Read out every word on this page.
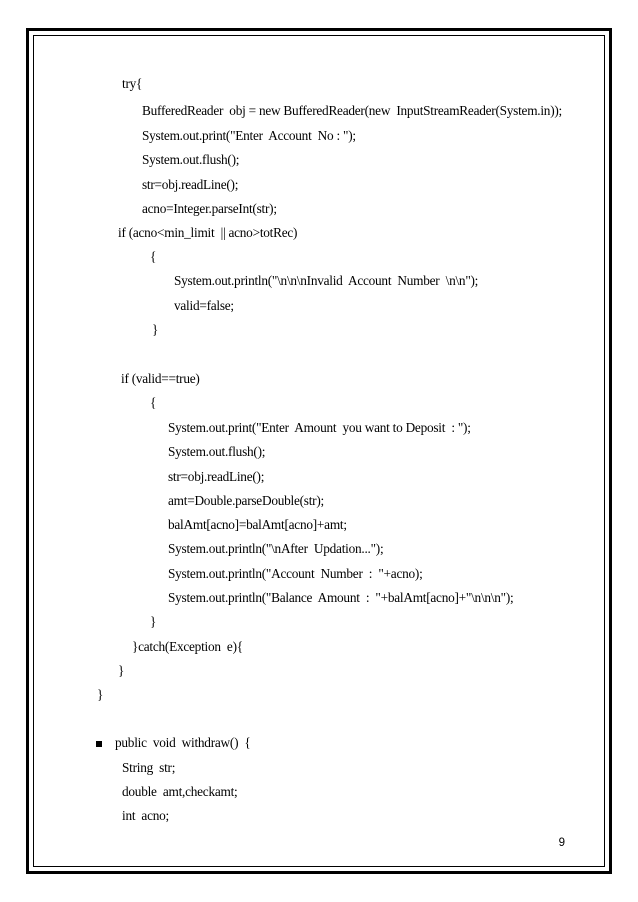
try{
BufferedReader  obj = new BufferedReader(new  InputStreamReader(System.in));
System.out.print("Enter  Account  No : ");
System.out.flush();
str=obj.readLine();
acno=Integer.parseInt(str);
if (acno<min_limit  || acno>totRec)
{
System.out.println("\n\n\nInvalid  Account  Number  \n\n");
valid=false;
}
if (valid==true)
{
System.out.print("Enter  Amount  you want to Deposit  : ");
System.out.flush();
str=obj.readLine();
amt=Double.parseDouble(str);
balAmt[acno]=balAmt[acno]+amt;
System.out.println("\nAfter  Updation...");
System.out.println("Account  Number  :  "+acno);
System.out.println("Balance  Amount  :  "+balAmt[acno]+"\n\n\n");
}
}catch(Exception  e){
}
}
public  void  withdraw()  {
String  str;
double  amt,checkamt;
int  acno;
9
